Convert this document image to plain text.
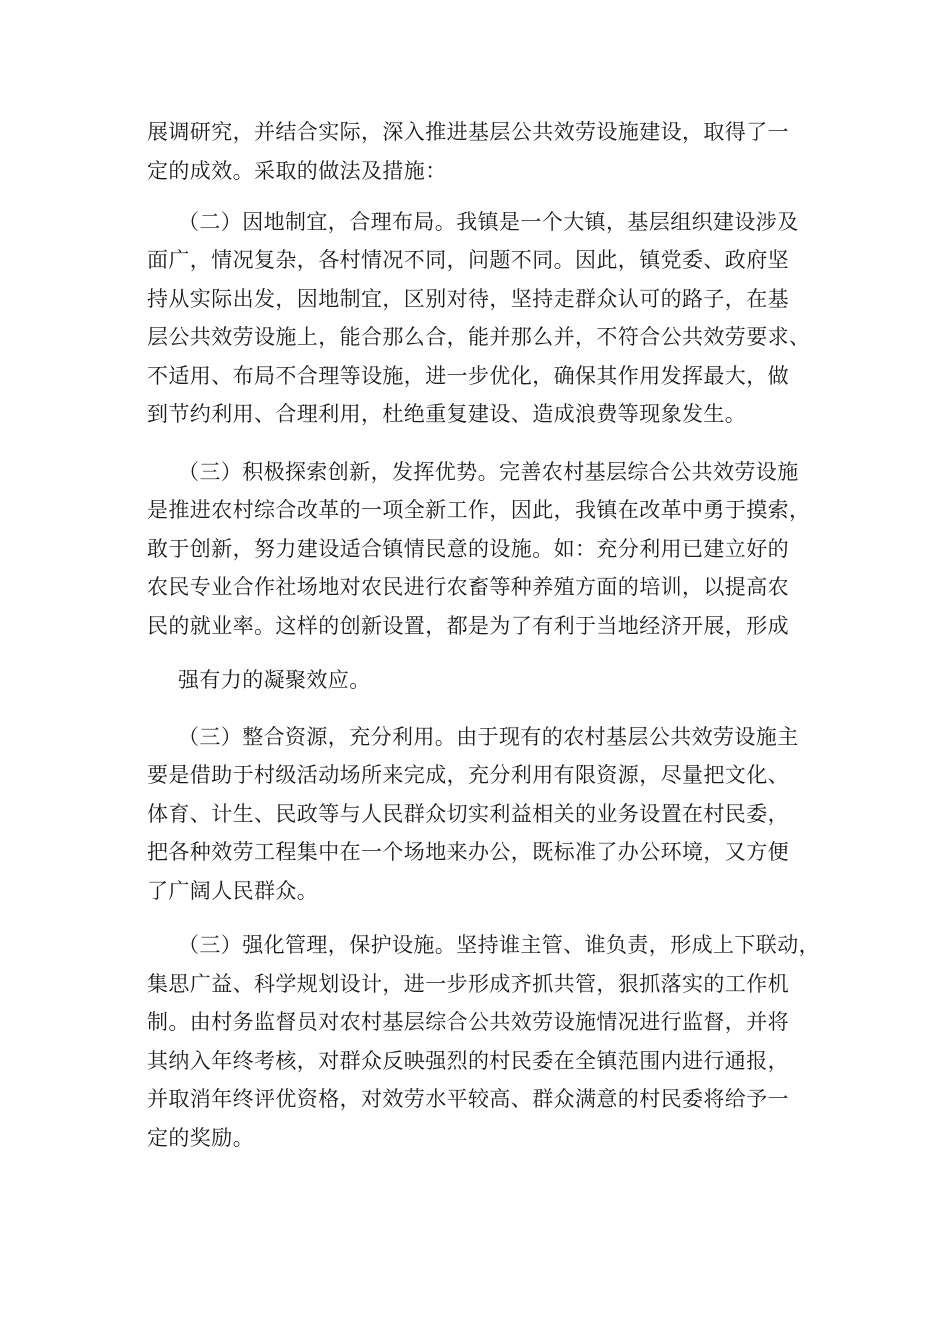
展调研究，并结合实际，深入推进基层公共效劳设施建设，取得了一
定的成效。采取的做法及措施：
（二）因地制宜，合理布局。我镇是一个大镇，基层组织建设涉及
面广，情况复杂，各村情况不同，问题不同。因此，镇党委、政府坚
持从实际出发，因地制宜，区别对待，坚持走群众认可的路子，在基
层公共效劳设施上，能合那么合，能并那么并，不符合公共效劳要求、
不适用、布局不合理等设施，进一步优化，确保其作用发挥最大，做
到节约利用、合理利用，杜绝重复建设、造成浪费等现象发生。
（三）积极探索创新，发挥优势。完善农村基层综合公共效劳设施
是推进农村综合改革的一项全新工作，因此，我镇在改革中勇于摸索，
敢于创新，努力建设适合镇情民意的设施。如：充分利用已建立好的
农民专业合作社场地对农民进行农畜等种养殖方面的培训，以提高农
民的就业率。这样的创新设置，都是为了有利于当地经济开展，形成
强有力的凝聚效应。
（三）整合资源，充分利用。由于现有的农村基层公共效劳设施主
要是借助于村级活动场所来完成，充分利用有限资源，尽量把文化、
体育、计生、民政等与人民群众切实利益相关的业务设置在村民委，
把各种效劳工程集中在一个场地来办公，既标准了办公环境，又方便
了广阔人民群众。
（三）强化管理，保护设施。坚持谁主管、谁负责，形成上下联动，
集思广益、科学规划设计，进一步形成齐抓共管，狠抓落实的工作机
制。由村务监督员对农村基层综合公共效劳设施情况进行监督，并将
其纳入年终考核，对群众反映强烈的村民委在全镇范围内进行通报，
并取消年终评优资格，对效劳水平较高、群众满意的村民委将给予一
定的奖励。
